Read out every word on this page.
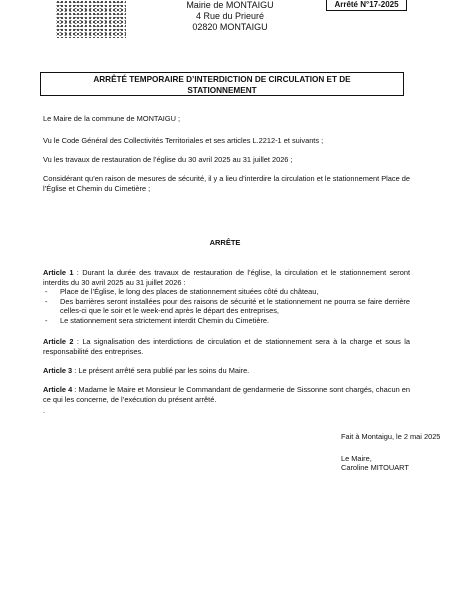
Mairie de MONTAIGU
4 Rue du Prieuré
02820 MONTAIGU
Arrêté N°17-2025
ARRÊTÉ TEMPORAIRE D’INTERDICTION DE CIRCULATION ET DE
STATIONNEMENT

Le Maire de la commune de MONTAIGU ;

Vu le Code Général des Collectivités Territoriales et ses articles L.2212-1 et suivants ;

Vu les travaux de restauration de l’église du 30 avril 2025 au 31 juillet 2026 ;

Considérant qu’en raison de mesures de sécurité, il y a lieu d’interdire la circulation et le stationnement Place de l’Église et Chemin du Cimetière ;

ARRÊTE

Article 1 : Durant la durée des travaux de restauration de l’église, la circulation et le stationnement seront interdits du 30 avril 2025 au 31 juillet 2026 :
- Place de l’Église, le long des places de stationnement situées côté du château,
- Des barrières seront installées pour des raisons de sécurité et le stationnement ne pourra se faire derrière celles-ci que le soir et le week-end après le départ des entreprises,
- Le stationnement sera strictement interdit Chemin du Cimetière.

Article 2 : La signalisation des interdictions de circulation et de stationnement sera à la charge et sous la responsabilité des entreprises.

Article 3 : Le présent arrêté sera publié par les soins du Maire.

Article 4 : Madame le Maire et Monsieur le Commandant de gendarmerie de Sissonne sont chargés, chacun en ce qui les concerne, de l’exécution du présent arrêté.

.

Fait à Montaigu, le 2 mai 2025

Le Maire,

Caroline MITOUART
